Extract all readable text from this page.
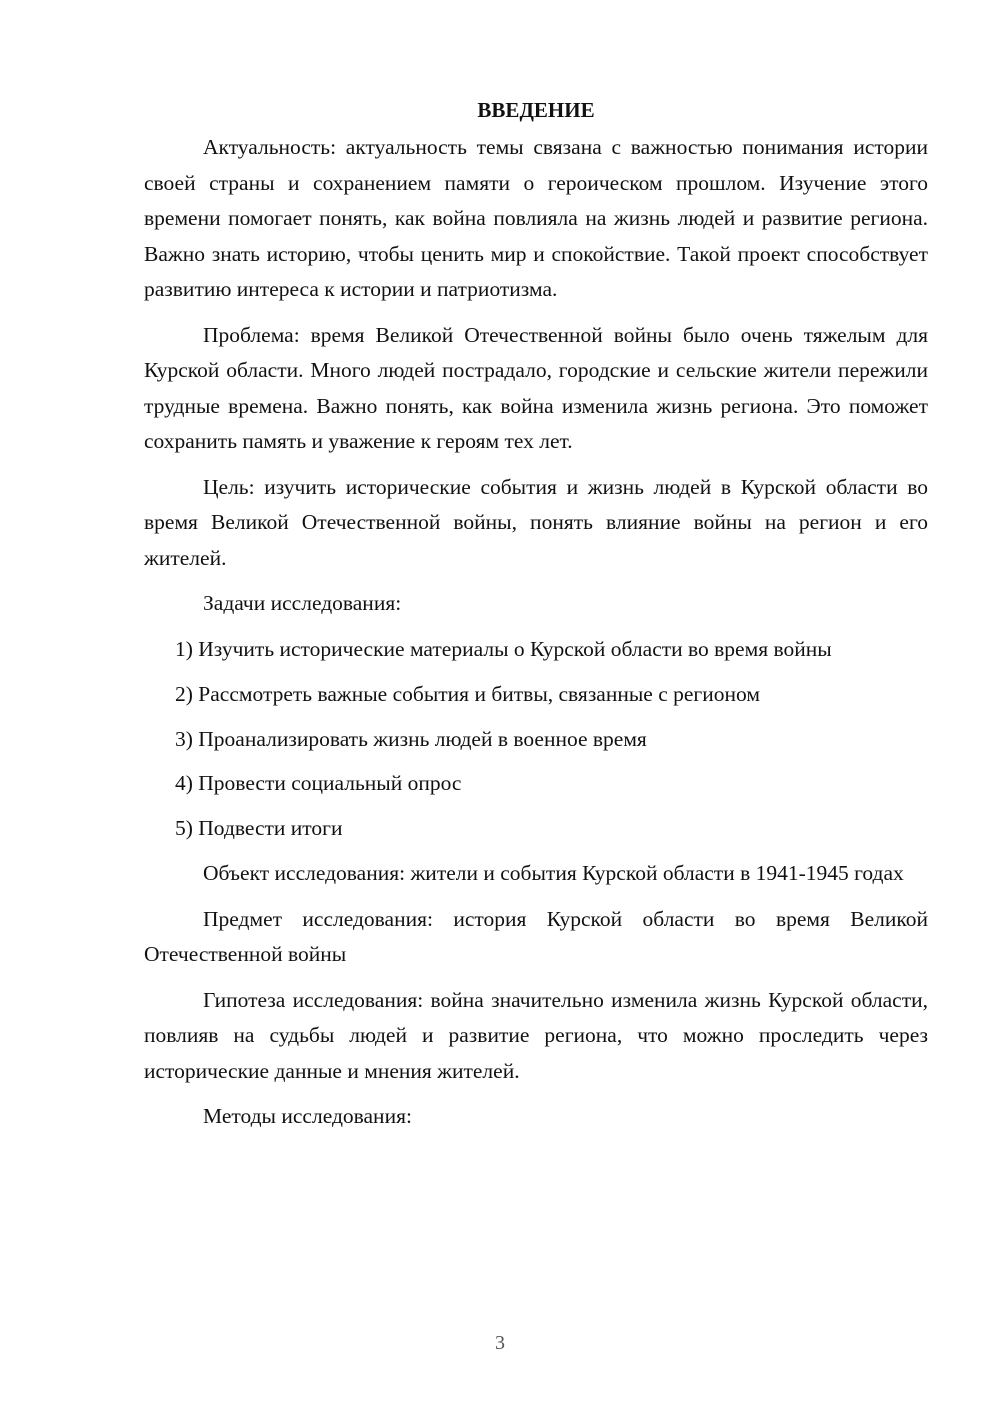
ВВЕДЕНИЕ

Актуальность: актуальность темы связана с важностью понимания истории своей страны и сохранением памяти о героическом прошлом. Изучение этого времени помогает понять, как война повлияла на жизнь людей и развитие региона. Важно знать историю, чтобы ценить мир и спокойствие. Такой проект способствует развитию интереса к истории и патриотизма.

Проблема: время Великой Отечественной войны было очень тяжелым для Курской области. Много людей пострадало, городские и сельские жители пережили трудные времена. Важно понять, как война изменила жизнь региона. Это поможет сохранить память и уважение к героям тех лет.

Цель: изучить исторические события и жизнь людей в Курской области во время Великой Отечественной войны, понять влияние войны на регион и его жителей.

Задачи исследования:

1) Изучить исторические материалы о Курской области во время войны

2) Рассмотреть важные события и битвы, связанные с регионом

3) Проанализировать жизнь людей в военное время

4) Провести социальный опрос

5) Подвести итоги

Объект исследования: жители и события Курской области в 1941-1945 годах

Предмет исследования: история Курской области во время Великой Отечественной войны

Гипотеза исследования: война значительно изменила жизнь Курской области, повлияв на судьбы людей и развитие региона, что можно проследить через исторические данные и мнения жителей.

Методы исследования:

3
